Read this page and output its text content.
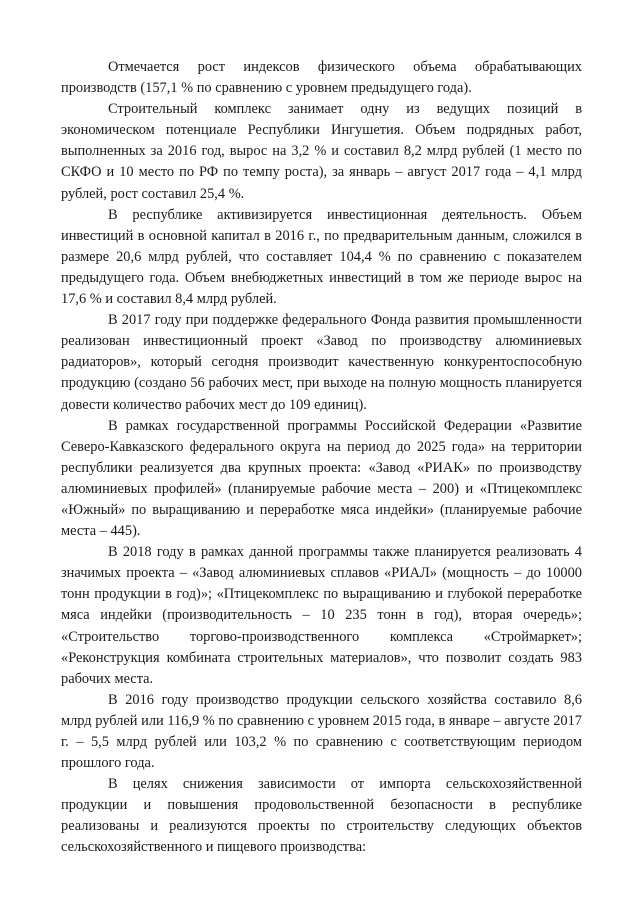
Отмечается рост индексов физического объема обрабатывающих производств (157,1 % по сравнению с уровнем предыдущего года).

Строительный комплекс занимает одну из ведущих позиций в экономическом потенциале Республики Ингушетия. Объем подрядных работ, выполненных за 2016 год, вырос на 3,2 % и составил 8,2 млрд рублей (1 место по СКФО и 10 место по РФ по темпу роста), за январь – август 2017 года – 4,1 млрд рублей, рост составил 25,4 %.

В республике активизируется инвестиционная деятельность. Объем инвестиций в основной капитал в 2016 г., по предварительным данным, сложился в размере 20,6 млрд рублей, что составляет 104,4 % по сравнению с показателем предыдущего года. Объем внебюджетных инвестиций в том же периоде вырос на 17,6 % и составил 8,4 млрд рублей.

В 2017 году при поддержке федерального Фонда развития промышленности реализован инвестиционный проект «Завод по производству алюминиевых радиаторов», который сегодня производит качественную конкурентоспособную продукцию (создано 56 рабочих мест, при выходе на полную мощность планируется довести количество рабочих мест до 109 единиц).

В рамках государственной программы Российской Федерации «Развитие Северо-Кавказского федерального округа на период до 2025 года» на территории республики реализуется два крупных проекта: «Завод «РИАК» по производству алюминиевых профилей» (планируемые рабочие места – 200) и «Птицекомплекс «Южный» по выращиванию и переработке мяса индейки» (планируемые рабочие места – 445).

В 2018 году в рамках данной программы также планируется реализовать 4 значимых проекта – «Завод алюминиевых сплавов «РИАЛ» (мощность – до 10000 тонн продукции в год)»; «Птицекомплекс по выращиванию и глубокой переработке мяса индейки (производительность – 10 235 тонн в год), вторая очередь»; «Строительство торгово-производственного комплекса «Строймаркет»; «Реконструкция комбината строительных материалов», что позволит создать 983 рабочих места.

В 2016 году производство продукции сельского хозяйства составило 8,6 млрд рублей или 116,9 % по сравнению с уровнем 2015 года, в январе – августе 2017 г. – 5,5 млрд рублей или 103,2 % по сравнению с соответствующим периодом прошлого года.

В целях снижения зависимости от импорта сельскохозяйственной продукции и повышения продовольственной безопасности в республике реализованы и реализуются проекты по строительству следующих объектов сельскохозяйственного и пищевого производства:
